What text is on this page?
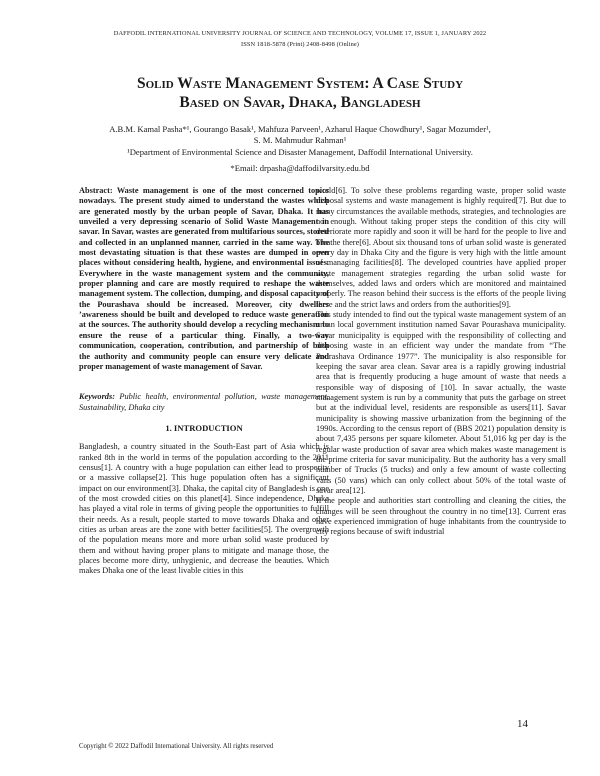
DAFFODIL INTERNATIONAL UNIVERSITY JOURNAL OF SCIENCE AND TECHNOLOGY, VOLUME 17, ISSUE 1, JANUARY 2022
ISSN 1818-5878 (Print) 2408-8498 (Online)
Solid Waste Management System: A Case Study
Based on Savar, Dhaka, Bangladesh
A.B.M. Kamal Pasha*¹, Gourango Basak¹, Mahfuza Parveen¹, Azharul Haque Chowdhury¹, Sagar Mozumder¹,
S. M. Mahmudur Rahman¹
¹Department of Environmental Science and Disaster Management, Daffodil International University.
*Email: drpasha@daffodilvarsity.edu.bd

Abstract: Waste management is one of the most concerned topics nowadays. The present study aimed to understand the wastes which are generated mostly by the urban people of Savar, Dhaka. It has unveiled a very depressing scenario of Solid Waste Management in savar. In Savar, wastes are generated from multifarious sources, stored and collected in an unplanned manner, carried in the same way. The most devastating situation is that these wastes are dumped in open places without considering health, hygiene, and environmental issues. Everywhere in the waste management system and the community, proper planning and care are mostly required to reshape the waste management system. The collection, dumping, and disposal capacity of the Pourashava should be increased. Moreover, city dwellers ’awareness should be built and developed to reduce waste generation at the sources. The authority should develop a recycling mechanism to ensure the reuse of a particular thing. Finally, a two-way communication, cooperation, contribution, and partnership of both the authority and community people can ensure very delicate and proper management of waste management of Savar.

Keywords: Public health, environmental pollution, waste management, Sustainability, Dhaka city

1. INTRODUCTION

Bangladesh, a country situated in the South-East part of Asia which is ranked 8th in the world in terms of the population according to the 2011 census[1]. A country with a huge population can either lead to prosperity or a massive collapse[2]. This huge population often has a significant impact on our environment[3]. Dhaka, the capital city of Bangladesh is one of the most crowded cities on this planet[4]. Since independence, Dhaka has played a vital role in terms of giving people the opportunities to fulfill their needs. As a result, people started to move towards Dhaka and other cities as urban areas are the zone with better facilities[5]. The overgrowth of the population means more and more urban solid waste produced by them and without having proper plans to mitigate and manage those, the places become more dirty, unhygienic, and decrease the beauties. Which makes Dhaka one of the least livable cities in this

world[6]. To solve these problems regarding waste, proper solid waste disposal systems and waste management is highly required[7]. But due to many circumstances the available methods, strategies, and technologies are not enough. Without taking proper steps the condition of this city will deteriorate more rapidly and soon it will be hard for the people to live and breathe there[6]. About six thousand tons of urban solid waste is generated every day in Dhaka City and the figure is very high with the little amount of managing facilities[8]. The developed countries have applied proper waste management strategies regarding the urban solid waste for themselves, added laws and orders which are monitored and maintained properly. The reason behind their success is the efforts of the people living there and the strict laws and orders from the authorities[9].

This study intended to find out the typical waste management system of an urban local government institution named Savar Pourashava municipality. Savar municipality is equipped with the responsibility of collecting and disposing waste in an efficient way under the mandate from “The Pourashava Ordinance 1977”. The municipality is also responsible for keeping the savar area clean. Savar area is a rapidly growing industrial area that is frequently producing a huge amount of waste that needs a responsible way of disposing of [10]. In savar actually, the waste management system is run by a community that puts the garbage on street but at the individual level, residents are responsible as users[11]. Savar municipality is showing massive urbanization from the beginning of the 1990s. According to the census report of (BBS 2021) population density is about 7,435 persons per square kilometer. About 51,016 kg per day is the regular waste production of savar area which makes waste management is the prime criteria for savar municipality. But the authority has a very small number of Trucks (5 trucks) and only a few amount of waste collecting vans (50 vans) which can only collect about 50% of the total waste of savar area[12].

If the people and authorities start controlling and cleaning the cities, the changes will be seen throughout the country in no time[13]. Current eras have experienced immigration of huge inhabitants from the countryside to city regions because of swift industrial

14
Copyright © 2022 Daffodil International University. All rights reserved
